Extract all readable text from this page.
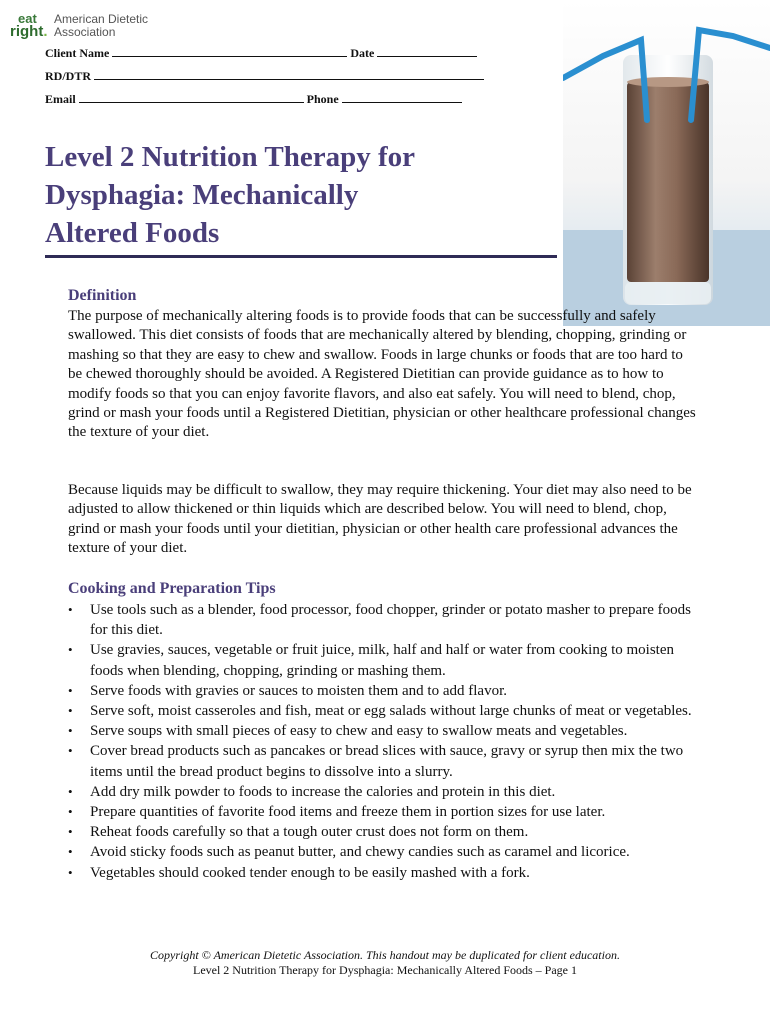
eat
right.
American Dietetic
Association
Client Name	Date
RD/DTR
Email	Phone
Level 2 Nutrition Therapy for
Dysphagia: Mechanically
Altered Foods
Definition

The purpose of mechanically altering foods is to provide foods that can be successfully and safely swallowed. This diet consists of foods that are mechanically altered by blending, chopping, grinding or mashing so that they are easy to chew and swallow. Foods in large chunks or foods that are too hard to be chewed thoroughly should be avoided. A Registered Dietitian can provide guidance as to how to modify foods so that you can enjoy favorite flavors, and also eat safely. You will need to blend, chop, grind or mash your foods until a Registered Dietitian, physician or other healthcare professional changes the texture of your diet.

Because liquids may be difficult to swallow, they may require thickening. Your diet may also need to be adjusted to allow thickened or thin liquids which are described below. You will need to blend, chop, grind or mash your foods until your dietitian, physician or other health care professional advances the texture of your diet.

Cooking and Preparation Tips
•	Use tools such as a blender, food processor, food chopper, grinder or potato masher to prepare foods for this diet.
•	Use gravies, sauces, vegetable or fruit juice, milk, half and half or water from cooking to moisten foods when blending, chopping, grinding or mashing them.
•	Serve foods with gravies or sauces to moisten them and to add flavor.
•	Serve soft, moist casseroles and fish, meat or egg salads without large chunks of meat or vegetables.
•	Serve soups with small pieces of easy to chew and easy to swallow meats and vegetables.
•	Cover bread products such as pancakes or bread slices with sauce, gravy or syrup then mix the two items until the bread product begins to dissolve into a slurry.
•	Add dry milk powder to foods to increase the calories and protein in this diet.
•	Prepare quantities of favorite food items and freeze them in portion sizes for use later.
•	Reheat foods carefully so that a tough outer crust does not form on them.
•	Avoid sticky foods such as peanut butter, and chewy candies such as caramel and licorice.
•	Vegetables should cooked tender enough to be easily mashed with a fork.
Copyright © American Dietetic Association. This handout may be duplicated for client education.
Level 2 Nutrition Therapy for Dysphagia: Mechanically Altered Foods – Page 1
